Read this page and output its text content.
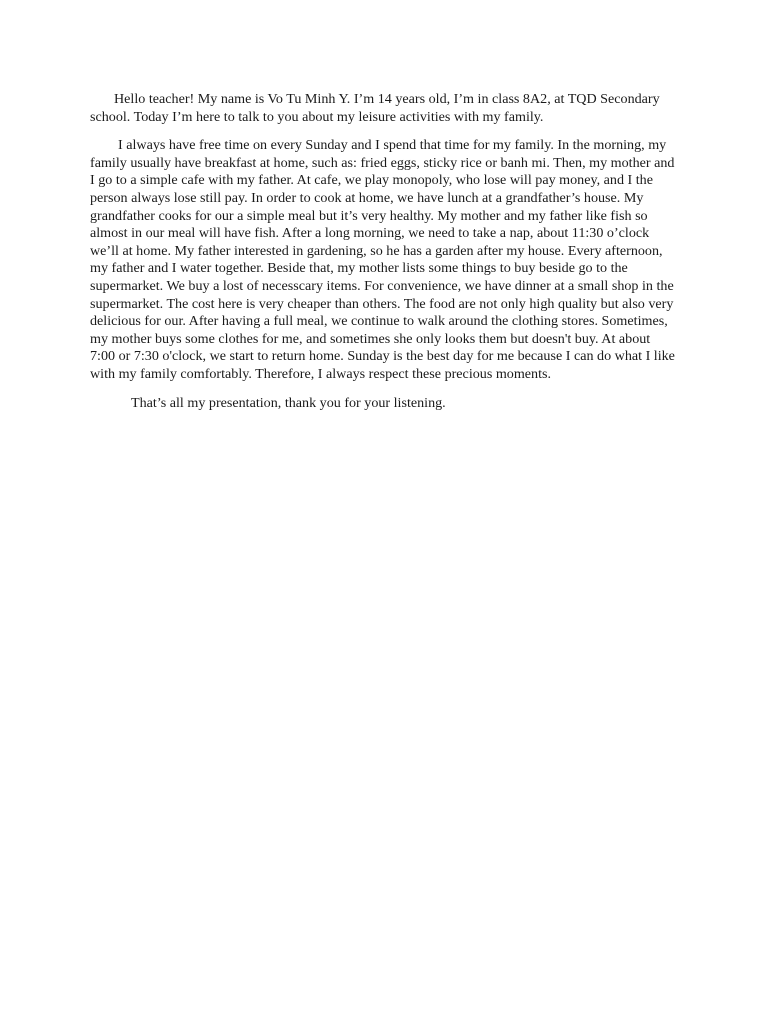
Hello teacher! My name is Vo Tu Minh Y. I’m 14 years old, I’m in class 8A2, at TQD Secondary school. Today I’m here to talk to you about my leisure activities with my family.

I always have free time on every Sunday and I spend that time for my family. In the morning, my family usually have breakfast at home, such as: fried eggs, sticky rice or banh mi. Then, my mother and I go to a simple cafe with my father. At cafe, we play monopoly, who lose will pay money, and I the person always lose still pay. In order to cook at home, we have lunch at a grandfather’s house. My grandfather cooks for our a simple meal but it’s very healthy. My mother and my father like fish so almost in our meal will have fish. After a long morning, we need to take a nap, about 11:30 o’clock we’ll at home. My father interested in gardening, so he has a garden after my house. Every afternoon, my father and I water together. Beside that, my mother lists some things to buy beside go to the supermarket. We buy a lost of necesscary items. For convenience, we have dinner at a small shop in the supermarket. The cost here is very cheaper than others. The food are not only high quality but also very delicious for our. After having a full meal, we continue to walk around the clothing stores. Sometimes, my mother buys some clothes for me, and sometimes she only looks them but doesn't buy. At about 7:00 or 7:30 o'clock, we start to return home. Sunday is the best day for me because I can do what I like with my family comfortably. Therefore, I always respect these precious moments.

That’s all my presentation, thank you for your listening.
